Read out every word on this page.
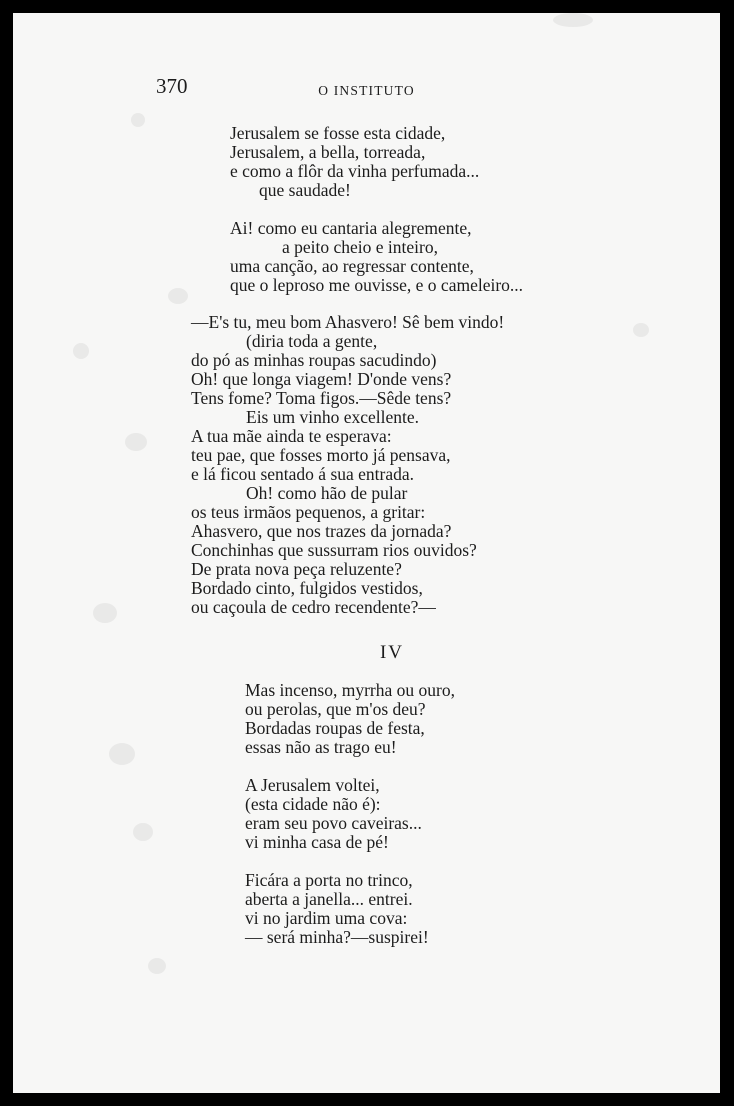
370	O INSTITUTO
Jerusalem se fosse esta cidade,
Jerusalem, a bella, torreada,
e como a flôr da vinha perfumada...
que saudade!
Ai! como eu cantaria alegremente,
a peito cheio e inteiro,
uma canção, ao regressar contente,
que o leproso me ouvisse, e o cameleiro...
—E's tu, meu bom Ahasvero! Sê bem vindo!
(diria toda a gente,
do pó as minhas roupas sacudindo)
Oh! que longa viagem! D'onde vens?
Tens fome? Toma figos.—Sêde tens?
Eis um vinho excellente.
A tua mãe ainda te esperava:
teu pae, que fosses morto já pensava,
e lá ficou sentado á sua entrada.
Oh! como hão de pular
os teus irmãos pequenos, a gritar:
Ahasvero, que nos trazes da jornada?
Conchinhas que sussurram rios ouvidos?
De prata nova peça reluzente?
Bordado cinto, fulgidos vestidos,
ou caçoula de cedro recendente?—
IV
Mas incenso, myrrha ou ouro,
ou perolas, que m'os deu?
Bordadas roupas de festa,
essas não as trago eu!
A Jerusalem voltei,
(esta cidade não é):
eram seu povo caveiras...
vi minha casa de pé!
Ficára a porta no trinco,
aberta a janella... entrei.
vi no jardim uma cova:
— será minha?—suspirei!
